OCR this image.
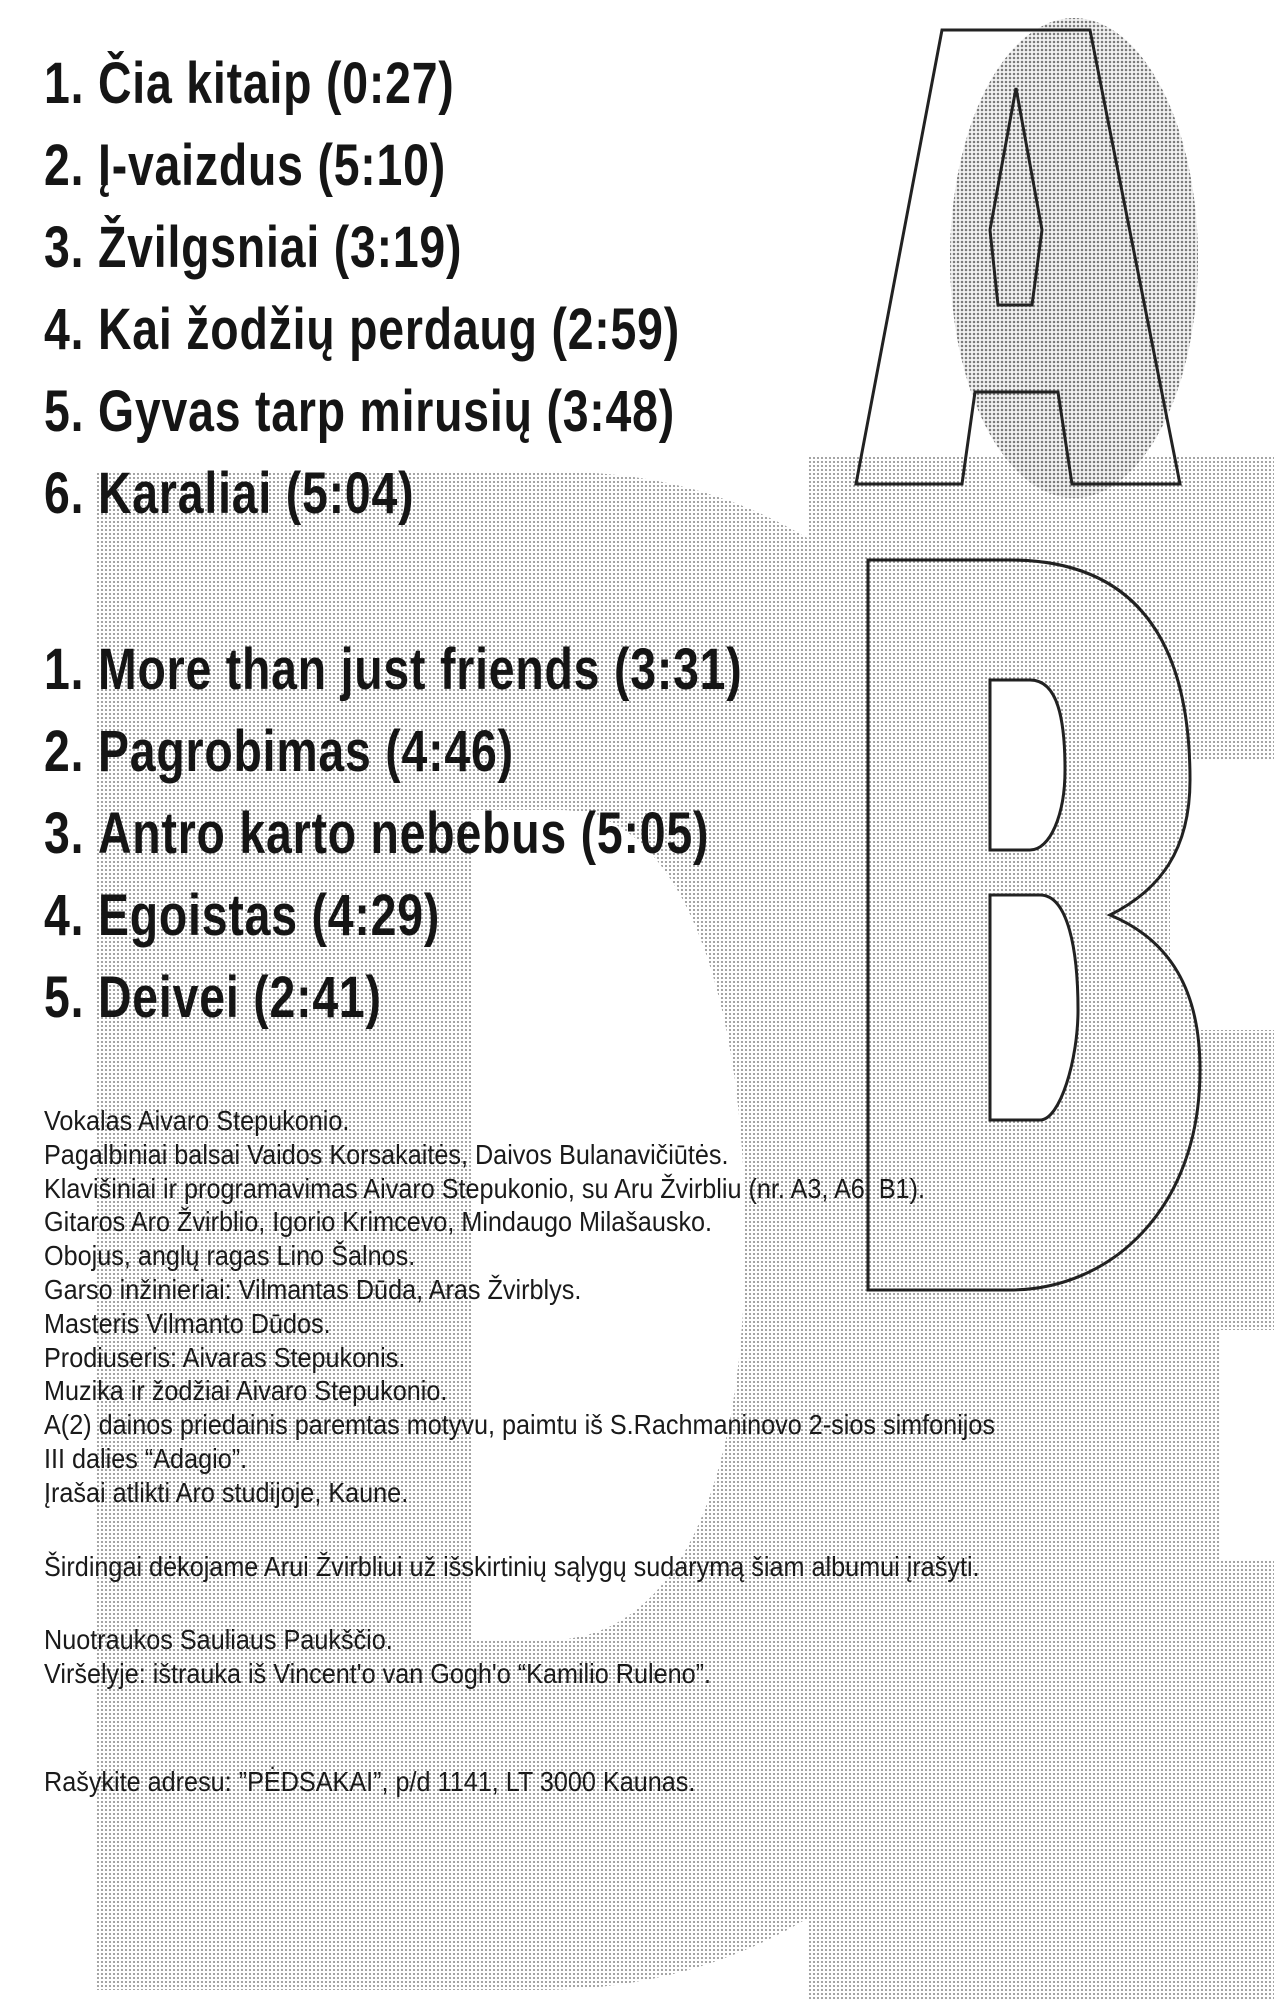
1.
Čia kitaip
(0:27)
2.
Į-vaizdus
(5:10)
3.
Žvilgsniai
(3:19)
4.
Kai žodžių perdaug
(2:59)
5.
Gyvas tarp mirusių
(3:48)
6.
Karaliai
(5:04)
1.
More than just friends
(3:31)
2.
Pagrobimas
(4:46)
3.
Antro karto nebebus
(5:05)
4.
Egoistas
(4:29)
5.
Deivei
(2:41)
Vokalas Aivaro Stepukonio.
Pagalbiniai balsai Vaidos Korsakaitės, Daivos Bulanavičiūtės.
Klavišiniai ir programavimas Aivaro Stepukonio, su Aru Žvirbliu (nr. A3, A6, B1).
Gitaros Aro Žvirblio, Igorio Krimcevo, Mindaugo Milašausko.
Obojus, anglų ragas Lino Šalnos.
Garso inžinieriai: Vilmantas Dūda, Aras Žvirblys.
Masteris Vilmanto Dūdos.
Prodiuseris: Aivaras Stepukonis.
Muzika ir žodžiai Aivaro Stepukonio.
A(2) dainos priedainis paremtas motyvu, paimtu iš S.Rachmaninovo 2-sios simfonijos
III dalies “Adagio”.
Įrašai atlikti Aro studijoje, Kaune.
Širdingai dėkojame Arui Žvirbliui už išskirtinių sąlygų sudarymą šiam albumui įrašyti.
Nuotraukos Sauliaus Paukščio.
Viršelyje: ištrauka iš Vincent'o van Gogh'o “Kamilio Ruleno”.
Rašykite adresu: ”PĖDSAKAI”, p/d 1141, LT 3000 Kaunas.
